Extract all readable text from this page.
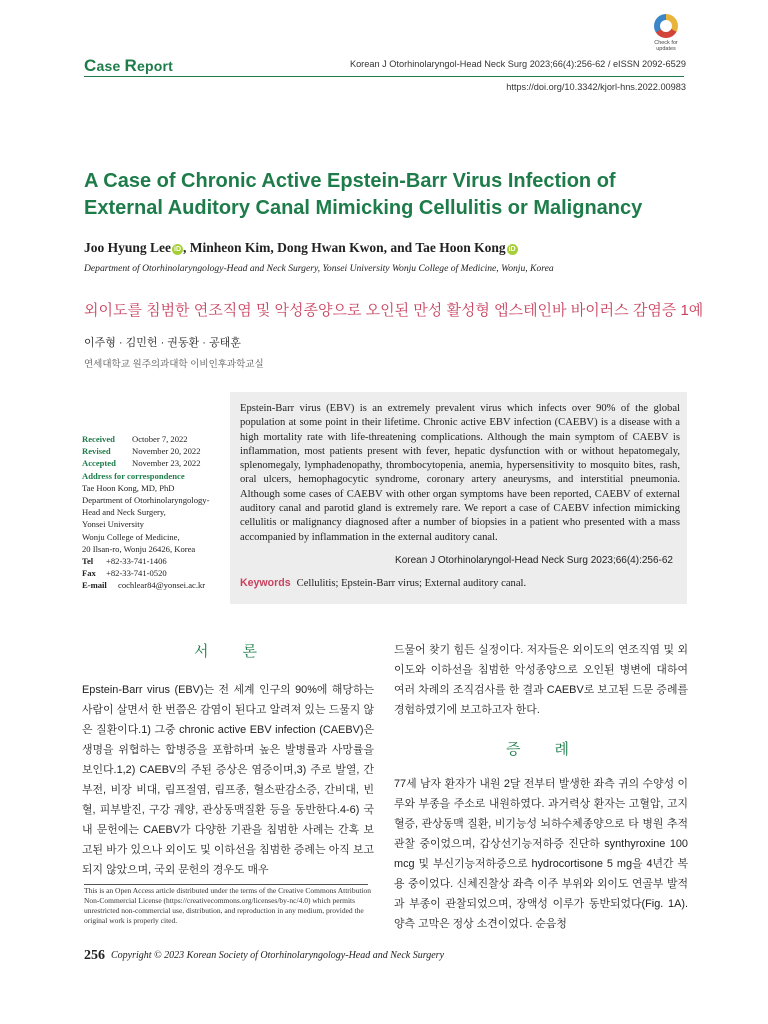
Case Report	Korean J Otorhinolaryngol-Head Neck Surg 2023;66(4):256-62 / eISSN 2092-6529
https://doi.org/10.3342/kjorl-hns.2022.00983
Check for
updates
A Case of Chronic Active Epstein-Barr Virus Infection of External Auditory Canal Mimicking Cellulitis or Malignancy
Joo Hyung Lee iD , Minheon Kim, Dong Hwan Kwon, and Tae Hoon Kong iD
Department of Otorhinolaryngology-Head and Neck Surgery, Yonsei University Wonju College of Medicine, Wonju, Korea
외이도를 침범한 연조직염 및 악성종양으로 오인된 만성 활성형 엡스테인바 바이러스 감염증 1예
이주형 · 김민헌 · 권동환 · 공태훈
연세대학교 원주의과대학 이비인후과학교실
Received October 7, 2022
Revised November 20, 2022
Accepted November 23, 2022
Address for correspondence
Tae Hoon Kong, MD, PhD
Department of Otorhinolaryngology-
Head and Neck Surgery,
Yonsei University
Wonju College of Medicine,
20 Ilsan-ro, Wonju 26426, Korea
Tel +82-33-741-1406
Fax +82-33-741-0520
E-mail cochlear84@yonsei.ac.kr
Epstein-Barr virus (EBV) is an extremely prevalent virus which infects over 90% of the global population at some point in their lifetime. Chronic active EBV infection (CAEBV) is a disease with a high mortality rate with life-threatening complications. Although the main symptom of CAEBV is inflammation, most patients present with fever, hepatic dysfunction with or without hepatomegaly, splenomegaly, lymphadenopathy, thrombocytopenia, anemia, hypersensitivity to mosquito bites, rash, oral ulcers, hemophagocytic syndrome, coronary artery aneurysms, and interstitial pneumonia. Although some cases of CAEBV with other organ symptoms have been reported, CAEBV of external auditory canal and parotid gland is extremely rare. We report a case of CAEBV infection mimicking cellulitis or malignancy diagnosed after a number of biopsies in a patient who presented with a mass accompanied by inflammation in the external auditory canal.
Korean J Otorhinolaryngol-Head Neck Surg 2023;66(4):256-62
Keywords Cellulitis; Epstein-Barr virus; External auditory canal.
서론
Epstein-Barr virus (EBV)는 전 세계 인구의 90%에 해당하는 사람이 살면서 한 번쯤은 감염이 된다고 알려져 있는 드물지 않은 질환이다.1) 그중 chronic active EBV infection (CAEBV)은 생명을 위협하는 합병증을 포함하며 높은 발병률과 사망률을 보인다.1,2) CAEBV의 주된 증상은 염증이며,3) 주로 발열, 간부전, 비장 비대, 림프절염, 림프종, 혈소판감소증, 간비대, 빈혈, 피부발진, 구강 궤양, 관상동맥질환 등을 동반한다.4-6) 국내 문헌에는 CAEBV가 다양한 기관을 침범한 사례는 간혹 보고된 바가 있으나 외이도 및 이하선을 침범한 증례는 아직 보고되지 않았으며, 국외 문헌의 경우도 매우
드물어 찾기 힘든 실정이다. 저자들은 외이도의 연조직염 및 외이도와 이하선을 침범한 악성종양으로 오인된 병변에 대하여 여러 차례의 조직검사를 한 결과 CAEBV로 보고된 드문 증례를 경험하였기에 보고하고자 한다.
증례
77세 남자 환자가 내원 2달 전부터 발생한 좌측 귀의 수양성 이루와 부종을 주소로 내원하였다. 과거력상 환자는 고혈압, 고지혈증, 관상동맥 질환, 비기능성 뇌하수체종양으로 타 병원 추적 관찰 중이었으며, 갑상선기능저하증 진단하 synthyroxine 100 mcg 및 부신기능저하증으로 hydrocortisone 5 mg을 4년간 복용 중이었다. 신체진찰상 좌측 이주 부위와 외이도 연골부 발적과 부종이 관찰되었으며, 장액성 이루가 동반되었다(Fig. 1A). 양측 고막은 정상 소견이었다. 순음청
This is an Open Access article distributed under the terms of the Creative Commons Attribution Non-Commercial License (https://creativecommons.org/licenses/by-nc/4.0) which permits unrestricted non-commercial use, distribution, and reproduction in any medium, provided the original work is properly cited.
256 Copyright © 2023 Korean Society of Otorhinolaryngology-Head and Neck Surgery
